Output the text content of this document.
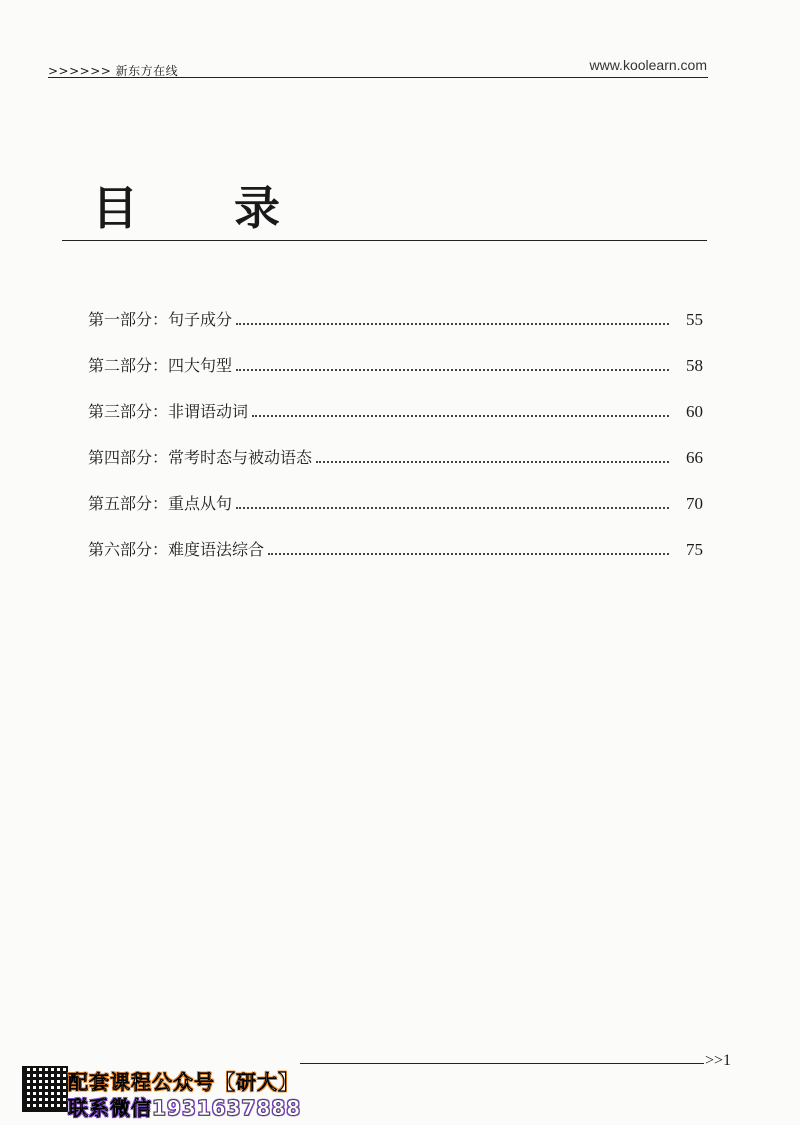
>>>>>> 新东方在线	www.koolearn.com
目 录
第一部分：句子成分	55
第二部分：四大句型	58
第三部分：非谓语动词	60
第四部分：常考时态与被动语态	66
第五部分：重点从句	70
第六部分：难度语法综合	75
>>1
配套课程公众号【研大】
联系微信1931637888
